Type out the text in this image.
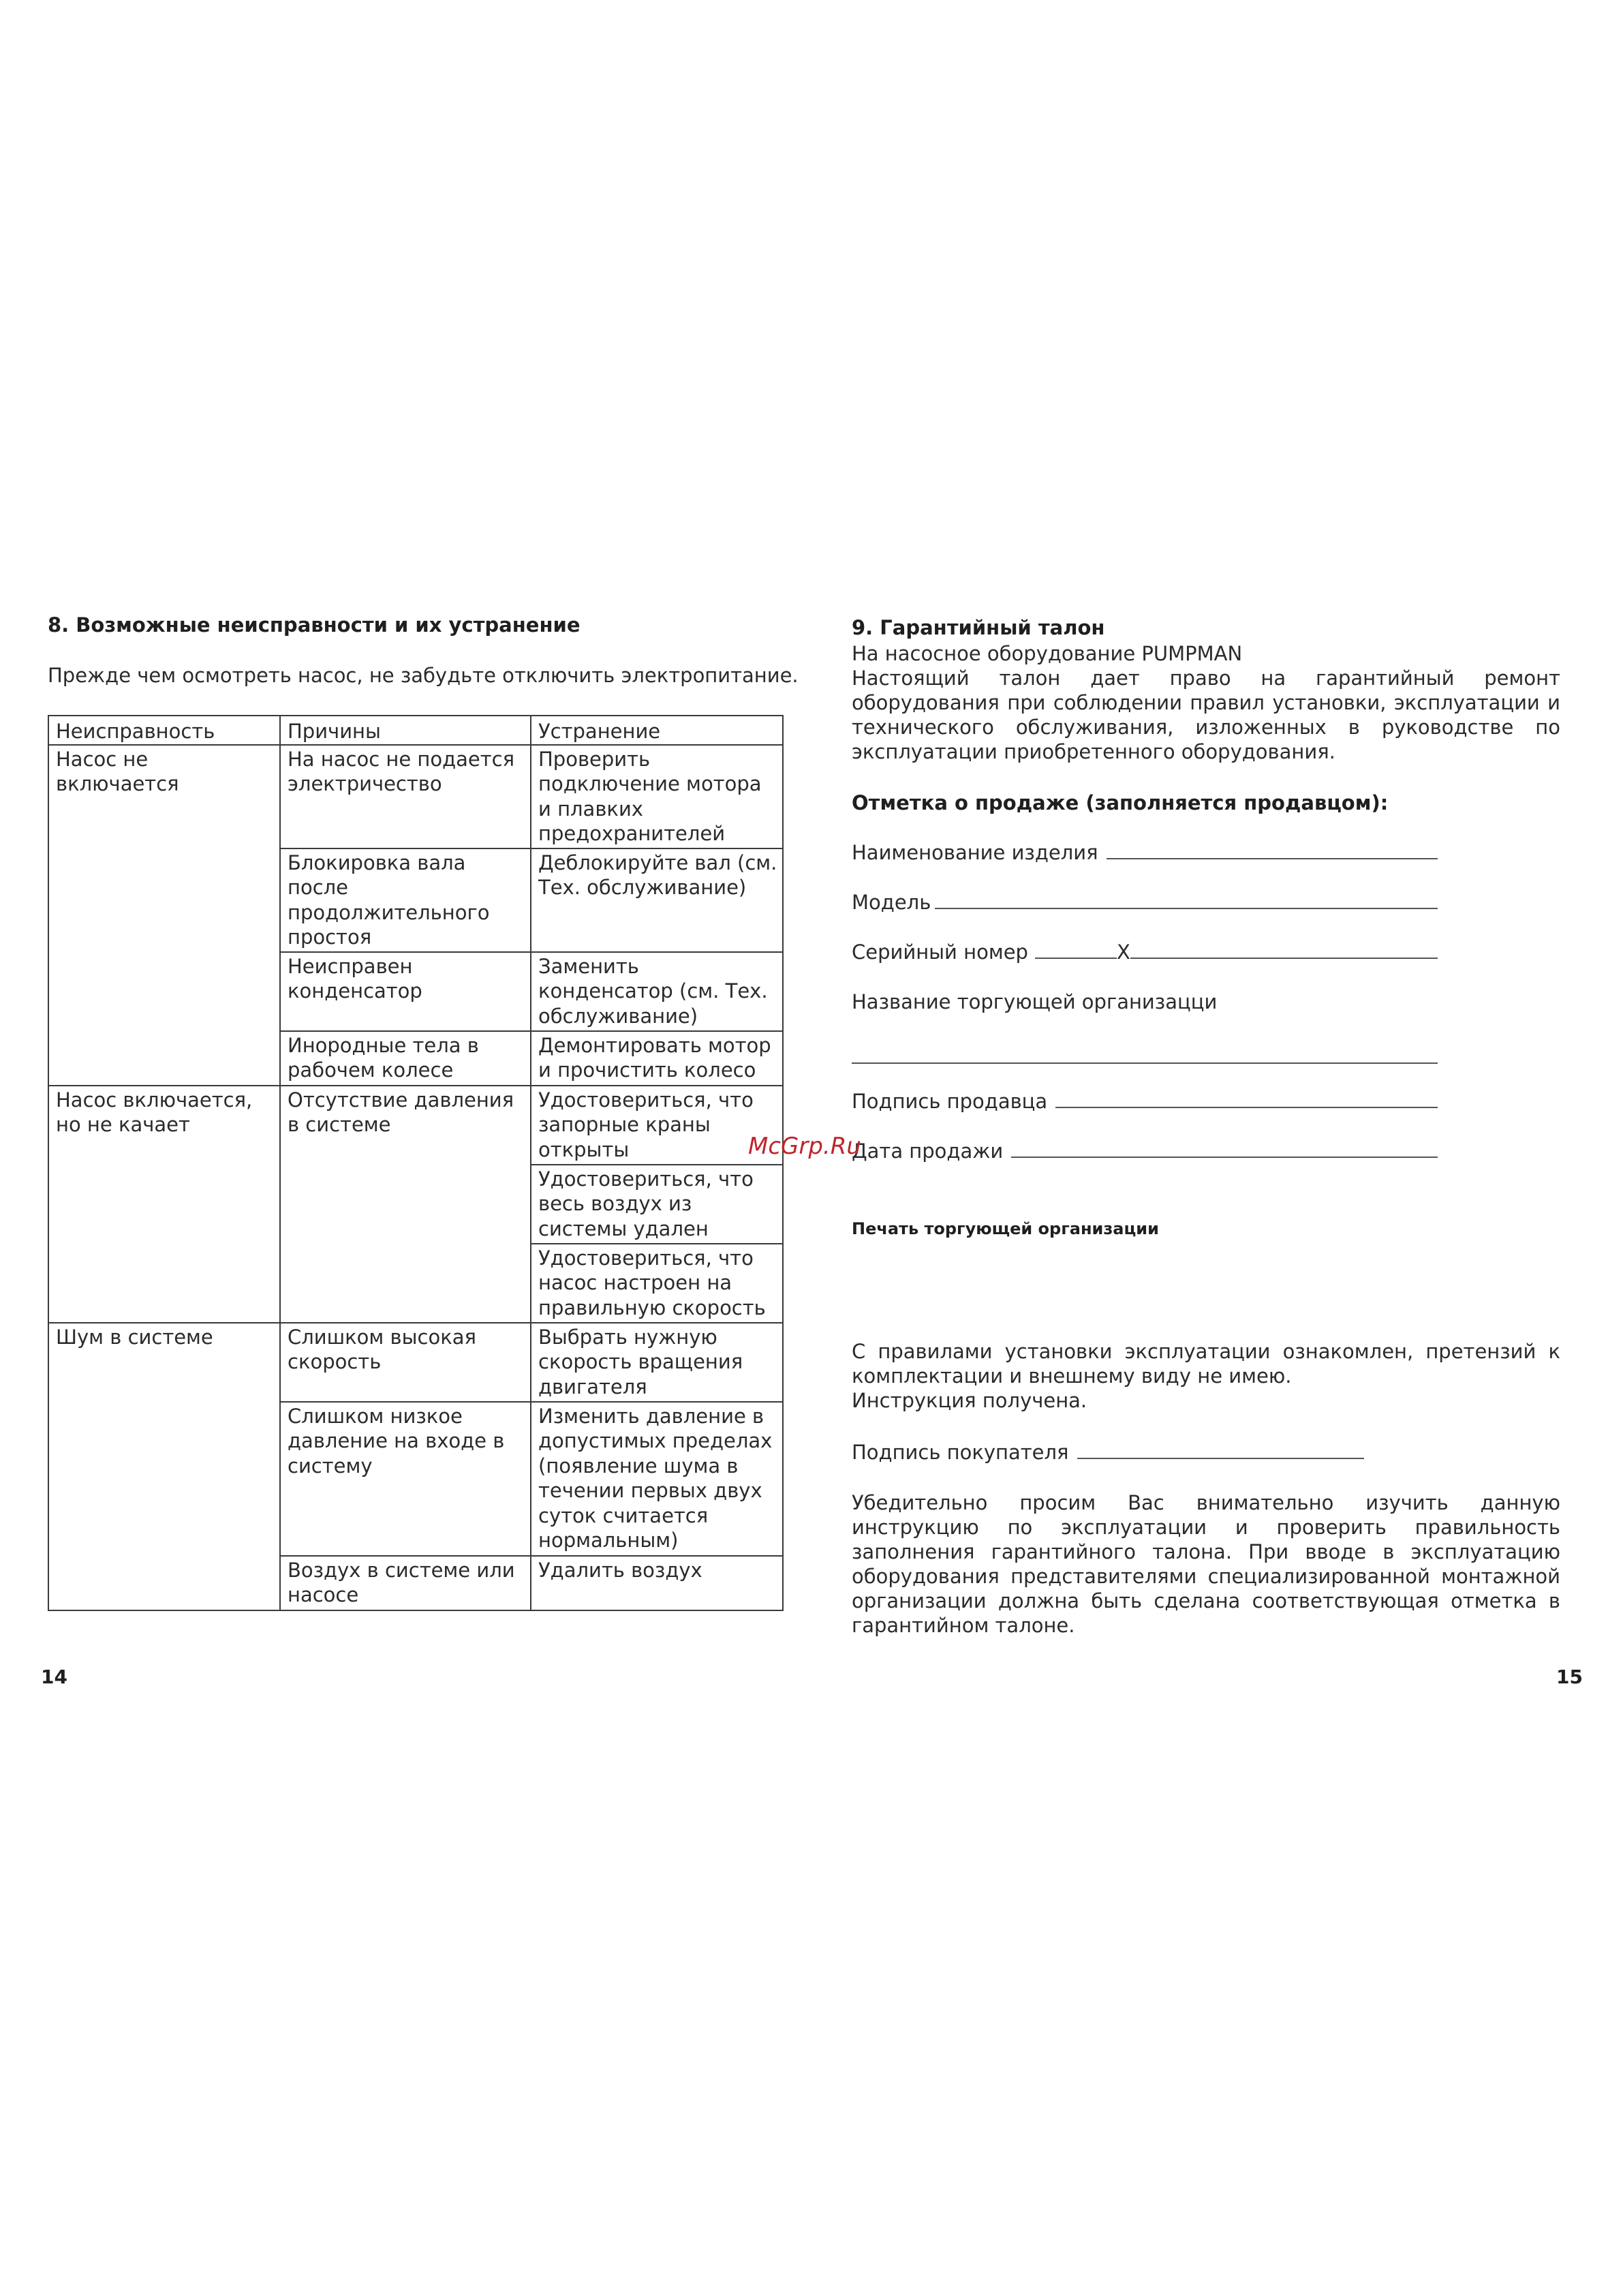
8. Возможные неисправности и их устранение
Прежде чем осмотреть насос, не забудьте отключить электропитание.
Неисправность	Причины	Устранение
Насос не включается	На насос не подается электричество	Проверить подключение мотора и плавких предохранителей
	Блокировка вала после продолжительного простоя	Деблокируйте вал (см. Тех. обслуживание)
	Неисправен конденсатор	Заменить конденсатор (см. Тех. обслуживание)
	Инородные тела в рабочем колесе	Демонтировать мотор и прочистить колесо
Насос включается, но не качает	Отсутствие давления в системе	Удостовериться, что запорные краны открыты
		Удостовериться, что весь воздух из системы удален
		Удостовериться, что насос настроен на правильную скорость
Шум в системе	Слишком высокая скорость	Выбрать нужную скорость вращения двигателя
	Слишком низкое давление на входе в систему	Изменить давление в допустимых пределах (появление шума в течении первых двух суток считается нормальным)
	Воздух в системе или насосе	Удалить воздух
14
9. Гарантийный талон
На насосное оборудование PUMPMAN
Настоящий талон дает право на гарантийный ремонт оборудования при соблюдении правил установки, эксплуатации и технического обслуживания, изложенных в руководстве по эксплуатации приобретенного оборудования.
Отметка о продаже (заполняется продавцом):
Наименование изделия
Модель
Серийный номер	X
Название торгующей организацци
Подпись продавца
Дата продажи
Печать торгующей организации
С правилами установки эксплуатации ознакомлен, претензий к комплектации и внешнему виду не имею.
Инструкция получена.
Подпись покупателя
Убедительно просим Вас внимательно изучить данную инструкцию по эксплуатации и проверить правильность заполнения гарантийного талона. При вводе в эксплуатацию оборудования представителями специализированной монтажной организации должна быть сделана соответствующая отметка в гарантийном талоне.
15
McGrp.Ru
